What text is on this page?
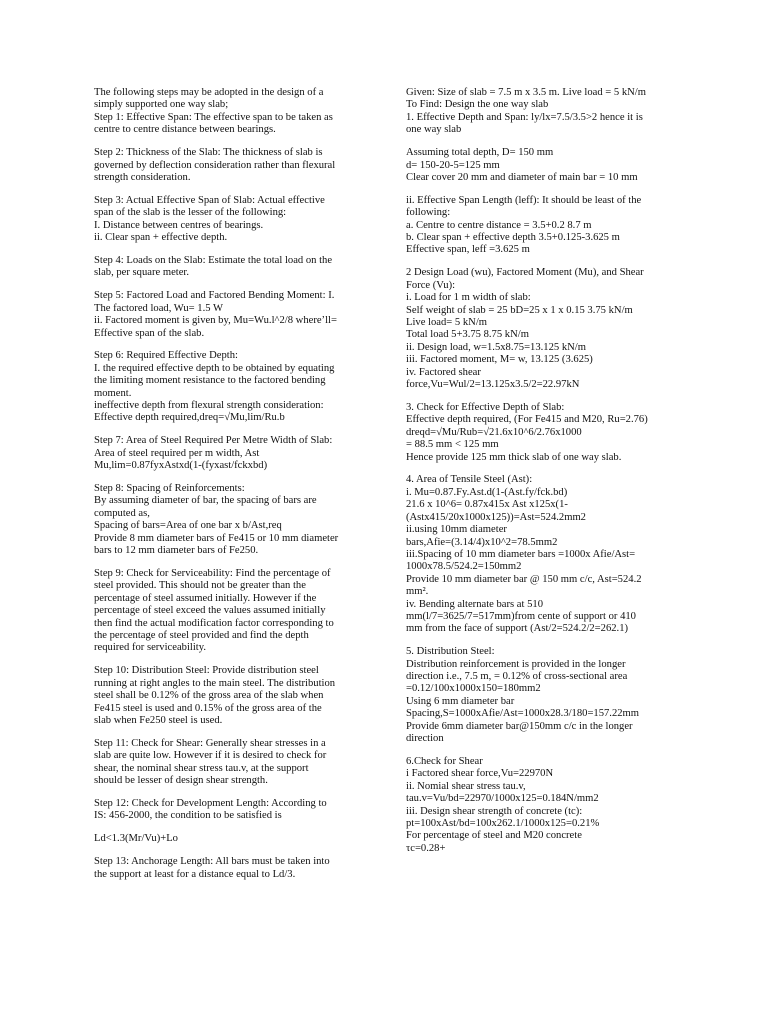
The following steps may be adopted in the design of a
simply supported one way slab;
Step 1: Effective Span: The effective span to be taken as
centre to centre distance between bearings.
Step 2: Thickness of the Slab: The thickness of slab is
governed by deflection consideration rather than flexural
strength consideration.
Step 3: Actual Effective Span of Slab: Actual effective
span of the slab is the lesser of the following:
I. Distance between centres of bearings.
ii. Clear span + effective depth.
Step 4: Loads on the Slab: Estimate the total load on the
slab, per square meter.
Step 5: Factored Load and Factored Bending Moment: I.
The factored load, Wu= 1.5 W
ii. Factored moment is given by, Mu=Wu.l^2/8 where’ll=
Effective span of the slab.
Step 6: Required Effective Depth:
I. the required effective depth to be obtained by equating
the limiting moment resistance to the factored bending
moment.
ineffective depth from flexural strength consideration:
Effective depth required,dreq=√Mu,lim/Ru.b
Step 7: Area of Steel Required Per Metre Width of Slab:
Area of steel required per m width, Ast
Mu,lim=0.87fyxAstxd(1-(fyxast/fckxbd)
Step 8: Spacing of Reinforcements:
By assuming diameter of bar, the spacing of bars are
computed as,
Spacing of bars=Area of one bar x b/Ast,req
Provide 8 mm diameter bars of Fe415 or 10 mm diameter
bars to 12 mm diameter bars of Fe250.
Step 9: Check for Serviceability: Find the percentage of
steel provided. This should not be greater than the
percentage of steel assumed initially. However if the
percentage of steel exceed the values assumed initially
then find the actual modification factor corresponding to
the percentage of steel provided and find the depth
required for serviceability.
Step 10: Distribution Steel: Provide distribution steel
running at right angles to the main steel. The distribution
steel shall be 0.12% of the gross area of the slab when
Fe415 steel is used and 0.15% of the gross area of the
slab when Fe250 steel is used.
Step 11: Check for Shear: Generally shear stresses in a
slab are quite low. However if it is desired to check for
shear, the nominal shear stress tau.v, at the support
should be lesser of design shear strength.
Step 12: Check for Development Length: According to
IS: 456-2000, the condition to be satisfied is
Ld<1.3(Mr/Vu)+Lo
Step 13: Anchorage Length: All bars must be taken into
the support at least for a distance equal to Ld/3.
Given: Size of slab = 7.5 m x 3.5 m. Live load = 5 kN/m
To Find: Design the one way slab
1. Effective Depth and Span: ly/lx=7.5/3.5>2 hence it is
one way slab
Assuming total depth, D= 150 mm
d= 150-20-5=125 mm
Clear cover 20 mm and diameter of main bar = 10 mm
ii. Effective Span Length (leff): It should be least of the
following:
a. Centre to centre distance = 3.5+0.2 8.7 m
b. Clear span + effective depth 3.5+0.125-3.625 m
Effective span, leff =3.625 m
2 Design Load (wu), Factored Moment (Mu), and Shear
Force (Vu):
i. Load for 1 m width of slab:
Self weight of slab = 25 bD=25 x 1 x 0.15 3.75 kN/m
Live load= 5 kN/m
Total load 5+3.75 8.75 kN/m
ii. Design load, w=1.5x8.75=13.125 kN/m
iii. Factored moment, M= w, 13.125 (3.625)
iv. Factored shear
force,Vu=Wul/2=13.125x3.5/2=22.97kN
3. Check for Effective Depth of Slab:
Effective depth required, (For Fe415 and M20, Ru=2.76)
dreqd=√Mu/Rub=√21.6x10^6/2.76x1000
= 88.5 mm < 125 mm
Hence provide 125 mm thick slab of one way slab.
4. Area of Tensile Steel (Ast):
i. Mu=0.87.Fy.Ast.d(1-(Ast.fy/fck.bd)
21.6 x 10^6= 0.87x415x Ast x125x(1-
(Astx415/20x1000x125))=Ast=524.2mm2
ii.using 10mm diameter
bars,Afie=(3.14/4)x10^2=78.5mm2
iii.Spacing of 10 mm diameter bars =1000x Afie/Ast=
1000x78.5/524.2=150mm2
Provide 10 mm diameter bar @ 150 mm c/c, Ast=524.2
mm².
iv. Bending alternate bars at 510
mm(l/7=3625/7=517mm)from cente of support or 410
mm from the face of support (Ast/2=524.2/2=262.1)
5. Distribution Steel:
Distribution reinforcement is provided in the longer
direction i.e., 7.5 m, = 0.12% of cross-sectional area
=0.12/100x1000x150=180mm2
Using 6 mm diameter bar
Spacing,S=1000xAfie/Ast=1000x28.3/180=157.22mm
Provide 6mm diameter bar@150mm c/c in the longer
direction
6.Check for Shear
i Factored shear force,Vu=22970N
ii. Nomial shear stress tau.v,
tau.v=Vu/bd=22970/1000x125=0.184N/mm2
iii. Design shear strength of concrete (tc):
pt=100xAst/bd=100x262.1/1000x125=0.21%
For percentage of steel and M20 concrete
τc=0.28+
